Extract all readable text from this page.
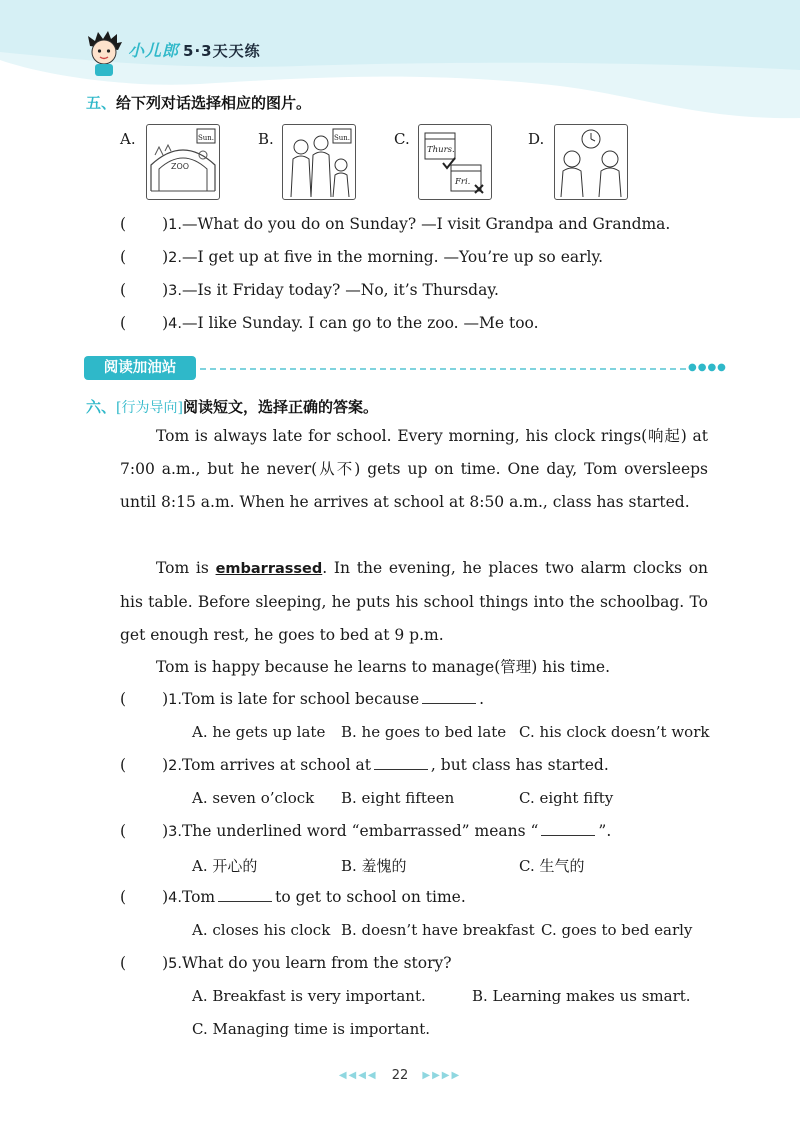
小儿郎 5·3天天练
五、给下列对话选择相应的图片。
A.	Sun.
ZOO
B.	Sun.	C.
Thurs.
Fri.
D.
( )1.—What do you do on Sunday? —I visit Grandpa and Grandma.
( )2.—I get up at five in the morning. —You’re up so early.
( )3.—Is it Friday today? —No, it’s Thursday.
( )4.—I like Sunday. I can go to the zoo. —Me too.
阅读加油站	●●●●
六、[行为导向]阅读短文，选择正确的答案。
Tom is always late for school. Every morning, his clock rings(响起) at 7:00 a.m., but he never(从不) gets up on time. One day, Tom oversleeps until 8:15 a.m. When he arrives at school at 8:50 a.m., class has started.
Tom is embarrassed. In the evening, he places two alarm clocks on his table. Before sleeping, he puts his school things into the schoolbag. To get enough rest, he goes to bed at 9 p.m.
Tom is happy because he learns to manage(管理) his time.
( )1.Tom is late for school because	.
A. he gets up late B. he goes to bed late C. his clock doesn’t work
( )2.Tom arrives at school at	, but class has started.
A. seven o’clock B. eight fifteen	C. eight fifty
( )3.The underlined word “embarrassed” means “	”.
A. 开心的	B. 羞愧的	C. 生气的
( )4.Tom	to get to school on time.
A. closes his clock B. doesn’t have breakfast C. goes to bed early
( )5.What do you learn from the story?
A. Breakfast is very important.	B. Learning makes us smart.
C. Managing time is important.
◀◀◀◀ 22 ▶▶▶▶
